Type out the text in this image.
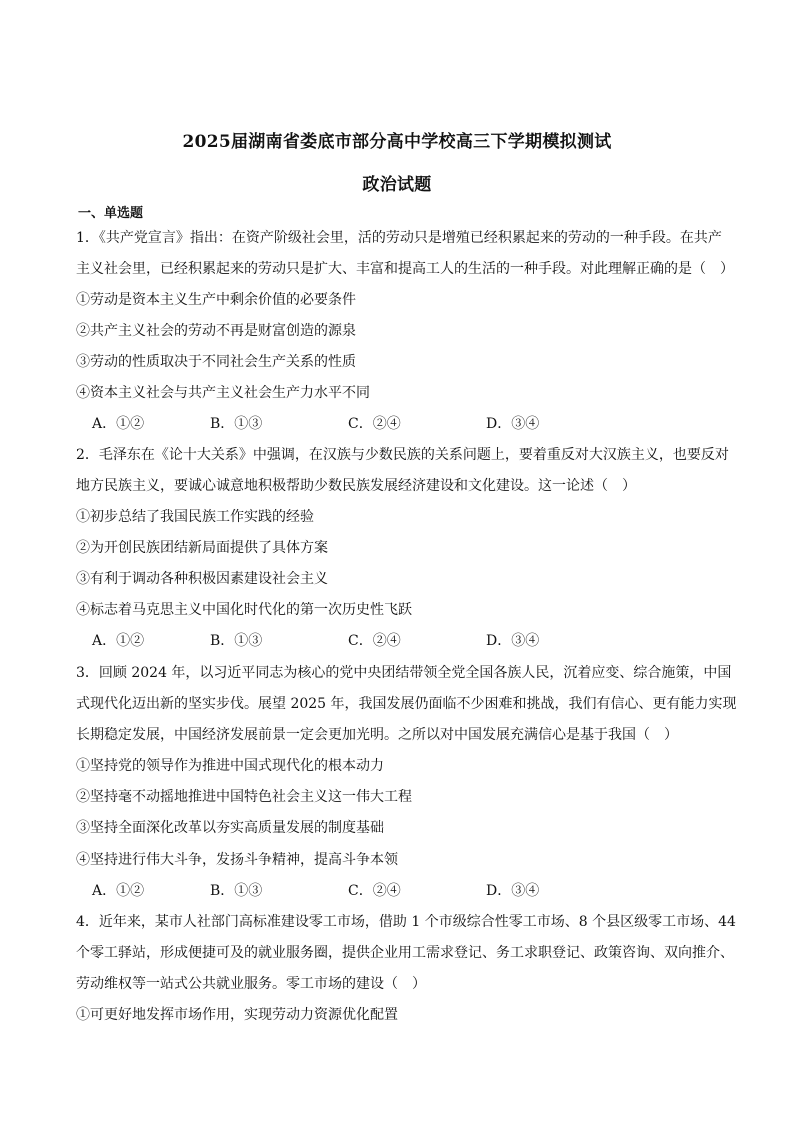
2025届湖南省娄底市部分高中学校高三下学期模拟测试
政治试题
一、单选题
1．《共产党宣言》指出：在资产阶级社会里，活的劳动只是增殖已经积累起来的劳动的一种手段。在共产
主义社会里，已经积累起来的劳动只是扩大、丰富和提高工人的生活的一种手段。对此理解正确的是（　）
①劳动是资本主义生产中剩余价值的必要条件
②共产主义社会的劳动不再是财富创造的源泉
③劳动的性质取决于不同社会生产关系的性质
④资本主义社会与共产主义社会生产力水平不同
A．①②	B．①③	C．②④	D．③④
2．毛泽东在《论十大关系》中强调，在汉族与少数民族的关系问题上，要着重反对大汉族主义，也要反对
地方民族主义，要诚心诚意地积极帮助少数民族发展经济建设和文化建设。这一论述（　）
①初步总结了我国民族工作实践的经验
②为开创民族团结新局面提供了具体方案
③有利于调动各种积极因素建设社会主义
④标志着马克思主义中国化时代化的第一次历史性飞跃
A．①②	B．①③	C．②④	D．③④
3．回顾 2024 年，以习近平同志为核心的党中央团结带领全党全国各族人民，沉着应变、综合施策，中国
式现代化迈出新的坚实步伐。展望 2025 年，我国发展仍面临不少困难和挑战，我们有信心、更有能力实现
长期稳定发展，中国经济发展前景一定会更加光明。之所以对中国发展充满信心是基于我国（　）
①坚持党的领导作为推进中国式现代化的根本动力
②坚持毫不动摇地推进中国特色社会主义这一伟大工程
③坚持全面深化改革以夯实高质量发展的制度基础
④坚持进行伟大斗争，发扬斗争精神，提高斗争本领
A．①②	B．①③	C．②④	D．③④
4．近年来，某市人社部门高标准建设零工市场，借助 1 个市级综合性零工市场、8 个县区级零工市场、44
个零工驿站，形成便捷可及的就业服务圈，提供企业用工需求登记、务工求职登记、政策咨询、双向推介、
劳动维权等一站式公共就业服务。零工市场的建设（　）
①可更好地发挥市场作用，实现劳动力资源优化配置
